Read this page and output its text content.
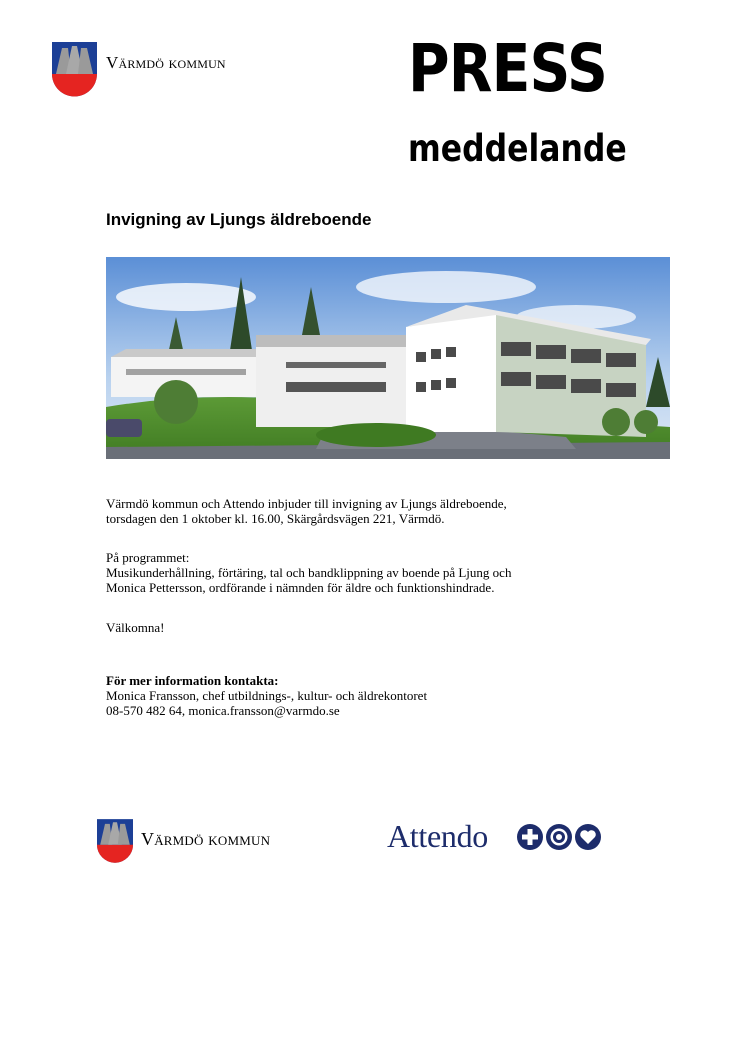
Värmdö kommun	PRESS
meddelande
Invigning av Ljungs äldreboende
Värmdö kommun och Attendo inbjuder till invigning av Ljungs äldreboende,
torsdagen den 1 oktober kl. 16.00, Skärgårdsvägen 221, Värmdö.
På programmet:
Musikunderhållning, förtäring, tal och bandklippning av boende på Ljung och
Monica Pettersson, ordförande i nämnden för äldre och funktionshindrade.
Välkomna!
För mer information kontakta:
Monica Fransson, chef utbildnings-, kultur- och äldrekontoret
08-570 482 64, monica.fransson@varmdo.se
Värmdö kommun	Attendo
